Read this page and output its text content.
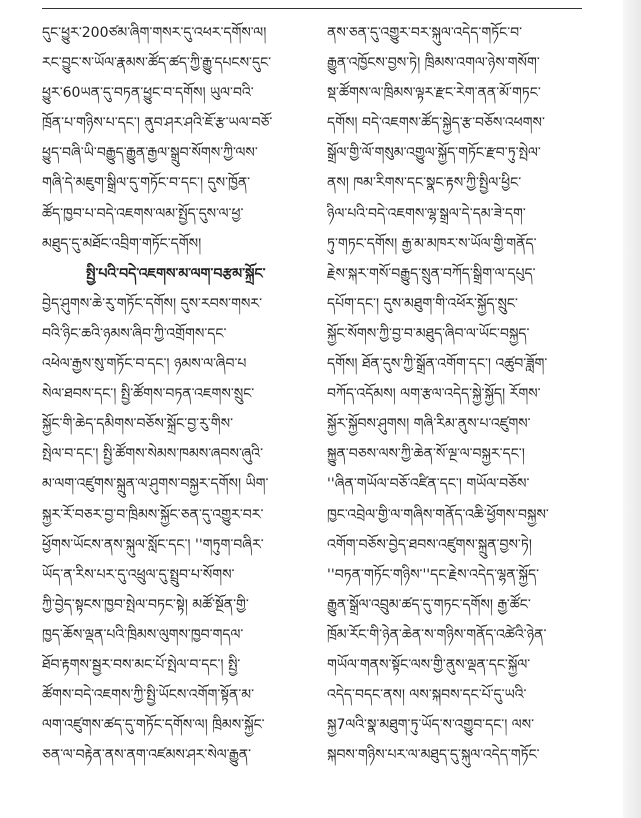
དུང་ཕྱུར་200ཙམ་ཞིག་གསར་དུ་འཕར་དགོས་ལ།
རང་བྱུང་ས་ཡོལ་རྣམས་ཚོད་ཚད་ཀྱི་རྒྱུ་དཔངས་དུང་
ཕྱུར་60ཡན་དུ་བཏན་ཕྱུང་བ་དགོས། ཡུལ་བའི་
ཁྲོན་པ་གཉིས་པ་དང་། ནུབ་ཤར་ཤའི་ཇོ་རྩ་ཡལ་བཅོ་
ཕྱུད་བཞི་ཡི་བརྒྱུད་རྒྱུན་རྒྱལ་སྒྲུབ་སོགས་ཀྱི་ལས་
གཞི་དེ་མཇུག་སྒྲིལ་དུ་གཏོང་བ་དང་། དུས་ཁྱོན་
ཚོད་ཁྱབ་པ་བདེ་འཇགས་ལམ་སྤྱོད་དུས་ལ་ཕྱ་
མཐུད་དུ་མཐོང་འབྲིག་གཏོང་དགོས།
སྤྱི་པའི་བདེ་འཇགས་མ་ལག་བརྩམ་སྐྲོང་
བྱེད་ཤུགས་ཆེ་རུ་གཏོང་དགོས། དུས་རབས་གསར་
བའི་ཉིང་ཆའི་ཉམས་ཞིབ་ཀྱི་འགྲོགས་དང་
འཕེལ་རྒྱས་སུ་གཏོང་བ་དང་། ཉམས་ལ་ཞིབ་པ
སེལ་ཐབས་དང་། སྤྱི་ཚོགས་བཏན་འཇགས་སྲུང་
སྐྱོང་གི་ཆེད་དམིགས་བཅོས་སྐྲོང་བྱ་རུ་གིས་
སྤེལ་བ་དང་། སྤྱི་ཚོགས་སེམས་ཁམས་ཞབས་ཞུའི་
མ་ལག་འཛུགས་སྐྲུན་ལ་ཤུགས་བསྐྱར་དགོས། ཡིག་
སྐྱར་རོ་བཅར་བྱ་བ་ཁྲིམས་སྐྱོང་ཅན་དུ་འགྱུར་བར་
ཕྱོགས་ཡོངས་ནས་སྐུལ་སློང་དང་། ''གཏུག་བཞིར་
ཡོད་ན་རིས་པར་དུ་འཕྲུལ་དུ་སྤྲུབ་པ་སོགས་
ཀྱི་བྱེད་སྟངས་ཁྱབ་སྤེལ་བཏང་སྟེ། མཚོ་སྔོན་གྱི་
ཁྱད་ཆོས་ལྡན་པའི་ཁྲིམས་ལུགས་ཁྱབ་གདལ་
ཐོབ་རྟགས་སྦྱར་བས་མང་པོ་སྤེལ་བ་དང་། སྤྱི་
ཚོགས་བདེ་འཇགས་ཀྱི་སྤྱི་ཡོངས་འགོག་སྟོན་མ་
ལག་འཛུགས་ཚད་དུ་གཏོང་དགོས་ལ། ཁྲིམས་སྐྱོང་
ཅན་ལ་བརྟེན་ནས་ནག་འཛམས་ཤར་སེལ་རྒྱུན་
ནས་ཅན་དུ་འགྱུར་བར་སྐུལ་འདེད་གཏོང་བ་
རྒྱུན་འཁྱོངས་བྱས་ཏེ། ཁྲིམས་འགལ་ཉེས་གསོག་
སྡ་ཚོགས་ལ་ཁྲིམས་ལྟར་རྫང་རེག་ནན་མོ་གཏང་
དགོས། བདེ་འཇགས་ཚོད་སྐྱེད་རྩ་བཅོས་འཕགས་
སྒྲོལ་གྱི་ལོ་གསུམ་འགྱུལ་སྐྱོད་གཏོང་རྫབ་ཏུ་སྤེལ་
ནས། ཁམ་རིགས་དང་སྣང་རྟས་ཀྱི་སྤྱིལ་ཕྱིང་
ཉིལ་པའི་བདེ་འཇགས་ལྷ་སྒྲལ་དེ་དམ་ཟེ་དག་
ཏུ་གཏང་དགོས། རྒྱ་མ་མཁར་ས་ཡོལ་གྱི་གནོད་
རྗེས་སྐར་གསོ་བརྒྱུད་སྲུན་བཀོད་སྒྲིག་ལ་དཔུད་
དཔོག་དང་། དུས་མཐུག་གི་འཕོར་སྐྱོད་སྲུང་
སྐྱོང་སོགས་ཀྱི་བྱ་བ་མཐུད་ཞིབ་ལ་ཡོང་བསྐྱད་
དགོས། ཐོན་དུས་ཀྱི་སྒྲོན་འགོག་དང་། འཚུབ་ཟློག་
བཀོད་འདོམས། ལག་རྩལ་འདེད་སྐྱེ་སྐྱོད། རོགས་
སྐྱོར་སྐྱོབས་ཤུགས། གཞི་རིམ་ནུས་པ་འཛུགས་
སྐྱུན་བཅས་ལས་ཀྱི་ཆེན་སོ་ལྔ་ལ་བསྐྱར་དང་།
''ཞིན་གཡོལ་བཅོ་འཛིན་དང་། གཡོལ་བཅོས་
ཁྱང་འབྲེལ་གྱི་ལ་གཞིས་གནོད་འཆི་ཕྱོགས་བསྐྱས་
འགོག་བཅོས་བྱེད་ཐབས་འཛུགས་སྐྲུན་བྱས་ཏེ།
''བཏན་གཏོང་གཉིས་''དང་རྗེས་འདེད་ལྷན་སྐྱོད་
རྒྱུན་སྒྲོལ་འབྲུམ་ཚད་དུ་གཏང་དགོས། རྒྱ་ཚོང་
ཁྲོམ་རོང་གི་ཉེན་ཆེན་ས་གཉིས་གནོད་འཚེའི་ཉེན་
གཡོལ་གནས་སྟོང་ལས་གྱི་ནུས་ལྡན་དང་སྐྱོལ་
འདེད་བདང་ནས། ལས་སྐབས་དང་པོ་དུ་ཡའི་
སྐྱ7ལའི་སྣ་མཐུག་ཏུ་ཡོད་ས་འགྱུབ་དང་། ལས་
སྐབས་གཉིས་པར་ལ་མཐུད་དུ་སྐུལ་འདེད་གཏོང་
